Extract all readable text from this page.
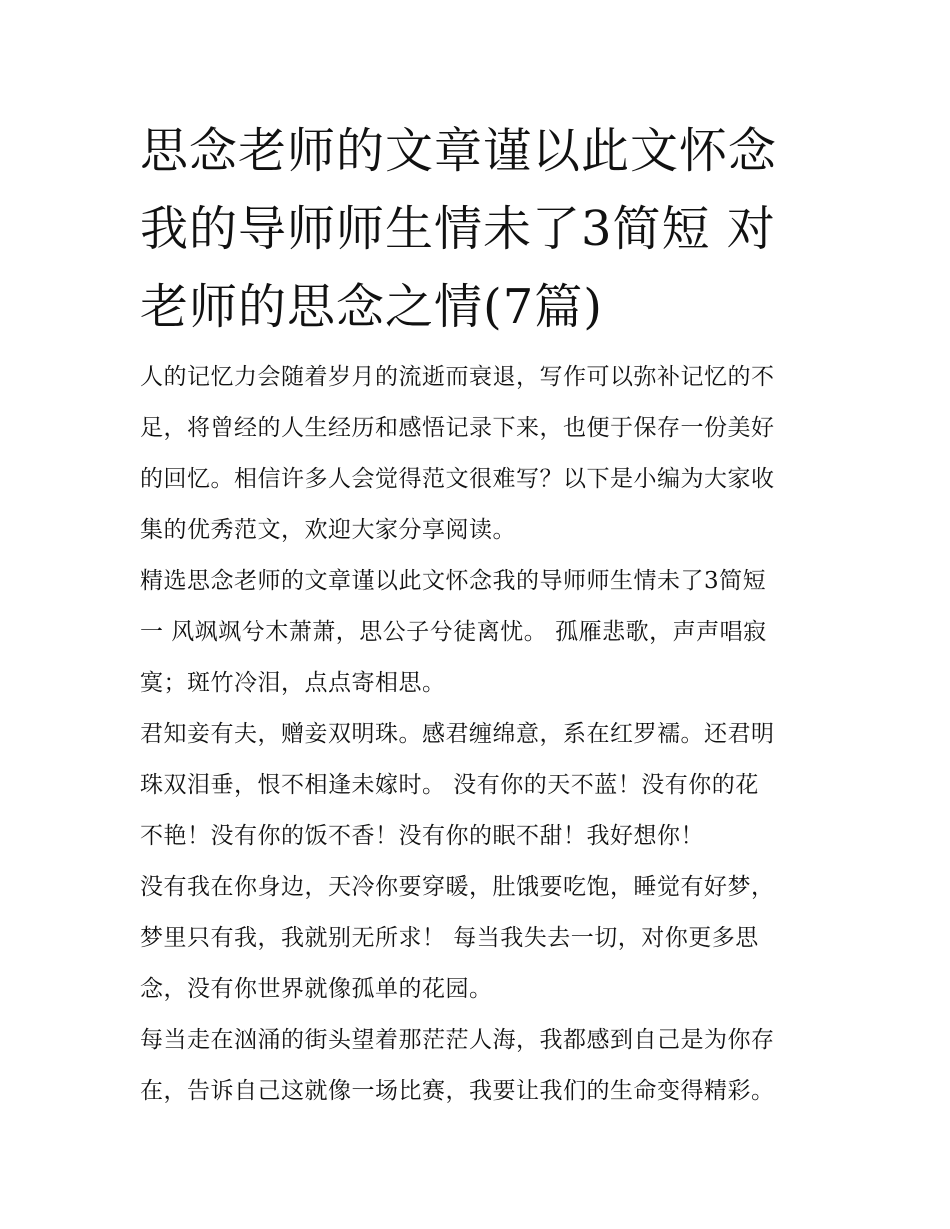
思念老师的文章谨以此文怀念
我的导师师生情未了3简短 对
老师的思念之情(7篇)
人的记忆力会随着岁月的流逝而衰退，写作可以弥补记忆的不
足，将曾经的人生经历和感悟记录下来，也便于保存一份美好
的回忆。相信许多人会觉得范文很难写？以下是小编为大家收
集的优秀范文，欢迎大家分享阅读。
精选思念老师的文章谨以此文怀念我的导师师生情未了3简短
一 风飒飒兮木萧萧，思公子兮徒离忧。 孤雁悲歌，声声唱寂
寞；斑竹冷泪，点点寄相思。
君知妾有夫，赠妾双明珠。感君缠绵意，系在红罗襦。还君明
珠双泪垂，恨不相逢未嫁时。 没有你的天不蓝！没有你的花
不艳！没有你的饭不香！没有你的眠不甜！我好想你！
没有我在你身边，天冷你要穿暖，肚饿要吃饱，睡觉有好梦，
梦里只有我，我就别无所求！ 每当我失去一切，对你更多思
念，没有你世界就像孤单的花园。
每当走在汹涌的街头望着那茫茫人海，我都感到自己是为你存
在，告诉自己这就像一场比赛，我要让我们的生命变得精彩。
